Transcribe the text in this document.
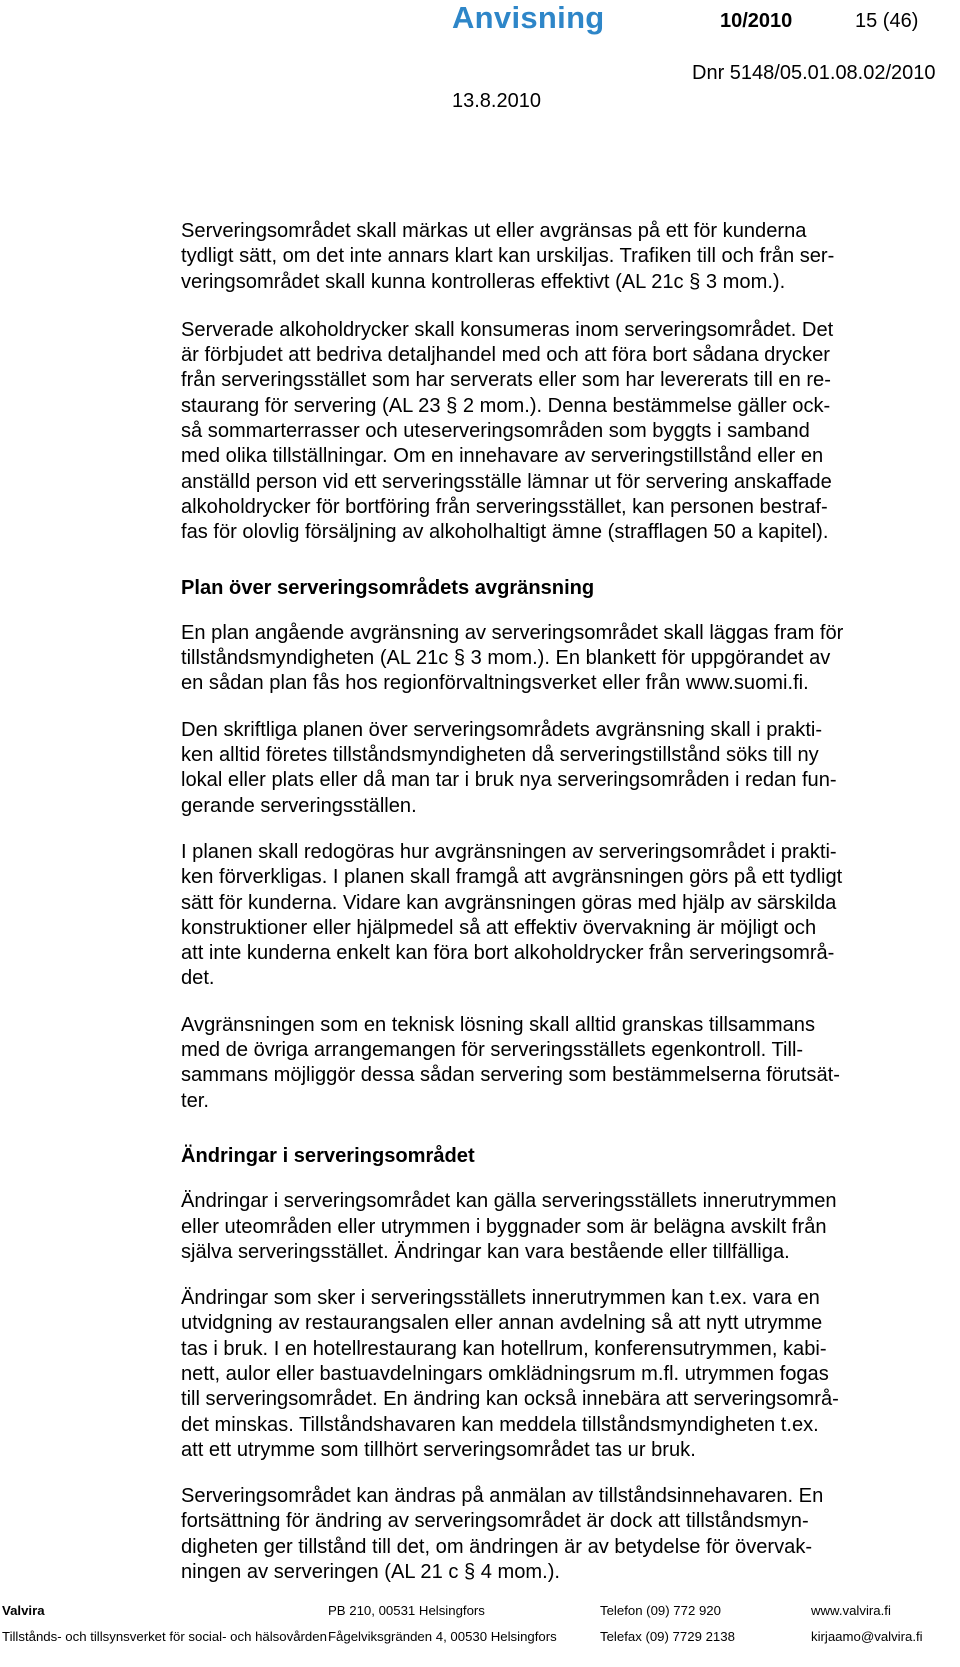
Anvisning	10/2010	15 (46)
Dnr 5148/05.01.08.02/2010
13.8.2010

Serveringsområdet skall märkas ut eller avgränsas på ett för kunderna
tydligt sätt, om det inte annars klart kan urskiljas. Trafiken till och från ser-
veringsområdet skall kunna kontrolleras effektivt (AL 21c § 3 mom.).

Serverade alkoholdrycker skall konsumeras inom serveringsområdet. Det
är förbjudet att bedriva detaljhandel med och att föra bort sådana drycker
från serveringsstället som har serverats eller som har levererats till en re-
staurang för servering (AL 23 § 2 mom.). Denna bestämmelse gäller ock-
så sommarterrasser och uteserveringsområden som byggts i samband
med olika tillställningar. Om en innehavare av serveringstillstånd eller en
anställd person vid ett serveringsställe lämnar ut för servering anskaffade
alkoholdrycker för bortföring från serveringsstället, kan personen bestraf-
fas för olovlig försäljning av alkoholhaltigt ämne (strafflagen 50 a kapitel).

Plan över serveringsområdets avgränsning

En plan angående avgränsning av serveringsområdet skall läggas fram för
tillståndsmyndigheten (AL 21c § 3 mom.). En blankett för uppgörandet av
en sådan plan fås hos regionförvaltningsverket eller från www.suomi.fi.

Den skriftliga planen över serveringsområdets avgränsning skall i prakti-
ken alltid företes tillståndsmyndigheten då serveringstillstånd söks till ny
lokal eller plats eller då man tar i bruk nya serveringsområden i redan fun-
gerande serveringsställen.

I planen skall redogöras hur avgränsningen av serveringsområdet i prakti-
ken förverkligas. I planen skall framgå att avgränsningen görs på ett tydligt
sätt för kunderna. Vidare kan avgränsningen göras med hjälp av särskilda
konstruktioner eller hjälpmedel så att effektiv övervakning är möjligt och
att inte kunderna enkelt kan föra bort alkoholdrycker från serveringsområ-
det.

Avgränsningen som en teknisk lösning skall alltid granskas tillsammans
med de övriga arrangemangen för serveringsställets egenkontroll. Till-
sammans möjliggör dessa sådan servering som bestämmelserna förutsät-
ter.

Ändringar i serveringsområdet

Ändringar i serveringsområdet kan gälla serveringsställets innerutrymmen
eller uteområden eller utrymmen i byggnader som är belägna avskilt från
själva serveringsstället. Ändringar kan vara bestående eller tillfälliga.

Ändringar som sker i serveringsställets innerutrymmen kan t.ex. vara en
utvidgning av restaurangsalen eller annan avdelning så att nytt utrymme
tas i bruk. I en hotellrestaurang kan hotellrum, konferensutrymmen, kabi-
nett, aulor eller bastuavdelningars omklädningsrum m.fl. utrymmen fogas
till serveringsområdet. En ändring kan också innebära att serveringsområ-
det minskas. Tillståndshavaren kan meddela tillståndsmyndigheten t.ex.
att ett utrymme som tillhört serveringsområdet tas ur bruk.

Serveringsområdet kan ändras på anmälan av tillståndsinnehavaren. En
fortsättning för ändring av serveringsområdet är dock att tillståndsmyn-
digheten ger tillstånd till det, om ändringen är av betydelse för övervak-
ningen av serveringen (AL 21 c § 4 mom.).

Valvira
Tillstånds- och tillsynsverket för social- och hälsovården
PB 210, 00531 Helsingfors
Fågelviksgränden 4, 00530 Helsingfors
Telefon (09) 772 920
Telefax (09) 7729 2138
www.valvira.fi
kirjaamo@valvira.fi
